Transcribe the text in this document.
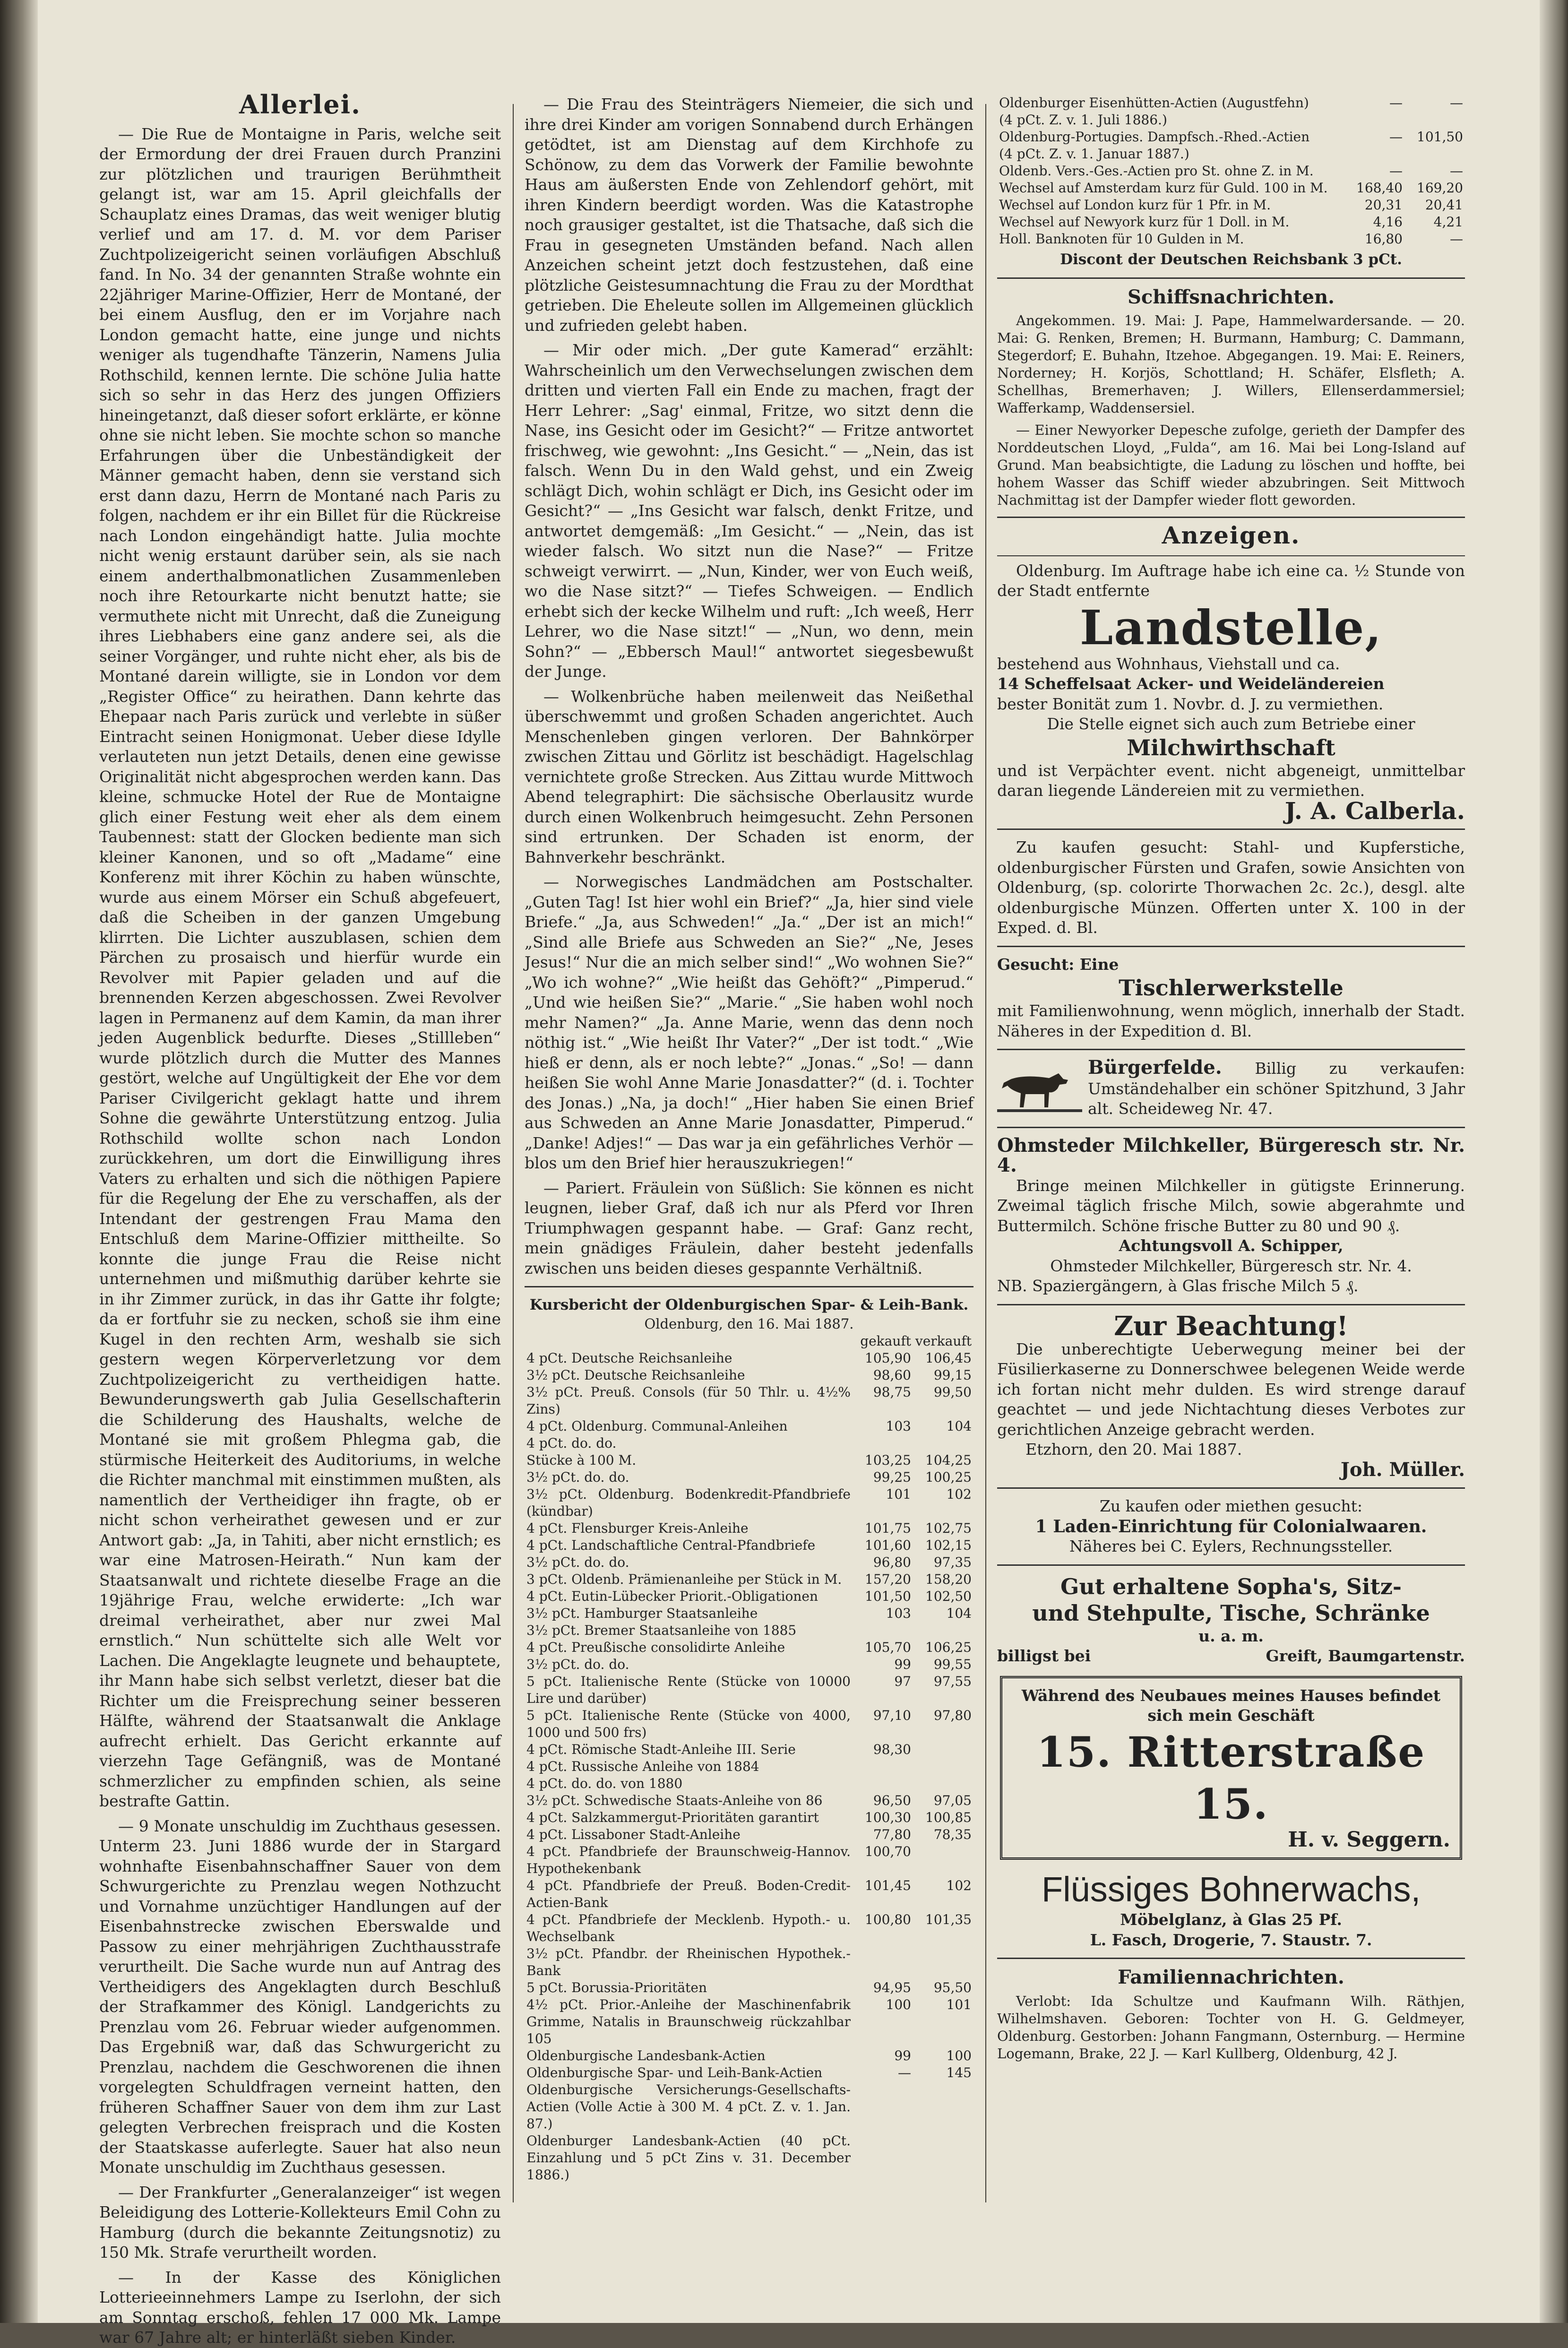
Allerlei.

— Die Rue de Montaigne in Paris, welche seit der Ermordung der drei Frauen durch Pranzini zur plötzlichen und traurigen Berühmtheit gelangt ist, war am 15. April gleichfalls der Schauplatz eines Dramas, das weit weniger blutig verlief und am 17. d. M. vor dem Pariser Zuchtpolizeigericht seinen vorläufigen Abschluß fand. In No. 34 der genannten Straße wohnte ein 22jähriger Marine-Offizier, Herr de Montané, der bei einem Ausflug, den er im Vorjahre nach London gemacht hatte, eine junge und nichts weniger als tugendhafte Tänzerin, Namens Julia Rothschild, kennen lernte. Die schöne Julia hatte sich so sehr in das Herz des jungen Offiziers hineingetanzt, daß dieser sofort erklärte, er könne ohne sie nicht leben. Sie mochte schon so manche Erfahrungen über die Unbeständigkeit der Männer gemacht haben, denn sie verstand sich erst dann dazu, Herrn de Montané nach Paris zu folgen, nachdem er ihr ein Billet für die Rückreise nach London eingehändigt hatte. Julia mochte nicht wenig erstaunt darüber sein, als sie nach einem anderthalbmonatlichen Zusammenleben noch ihre Retourkarte nicht benutzt hatte; sie vermuthete nicht mit Unrecht, daß die Zuneigung ihres Liebhabers eine ganz andere sei, als die seiner Vorgänger, und ruhte nicht eher, als bis de Montané darein willigte, sie in London vor dem „Register Office“ zu heirathen. Dann kehrte das Ehepaar nach Paris zurück und verlebte in süßer Eintracht seinen Honigmonat. Ueber diese Idylle verlauteten nun jetzt Details, denen eine gewisse Originalität nicht abgesprochen werden kann. Das kleine, schmucke Hotel der Rue de Montaigne glich einer Festung weit eher als dem einem Taubennest: statt der Glocken bediente man sich kleiner Kanonen, und so oft „Madame“ eine Konferenz mit ihrer Köchin zu haben wünschte, wurde aus einem Mörser ein Schuß abgefeuert, daß die Scheiben in der ganzen Umgebung klirrten. Die Lichter auszublasen, schien dem Pärchen zu prosaisch und hierfür wurde ein Revolver mit Papier geladen und auf die brennenden Kerzen abgeschossen. Zwei Revolver lagen in Permanenz auf dem Kamin, da man ihrer jeden Augenblick bedurfte. Dieses „Stillleben“ wurde plötzlich durch die Mutter des Mannes gestört, welche auf Ungültigkeit der Ehe vor dem Pariser Civilgericht geklagt hatte und ihrem Sohne die gewährte Unterstützung entzog. Julia Rothschild wollte schon nach London zurückkehren, um dort die Einwilligung ihres Vaters zu erhalten und sich die nöthigen Papiere für die Regelung der Ehe zu verschaffen, als der Intendant der gestrengen Frau Mama den Entschluß dem Marine-Offizier mittheilte. So konnte die junge Frau die Reise nicht unternehmen und mißmuthig darüber kehrte sie in ihr Zimmer zurück, in das ihr Gatte ihr folgte; da er fortfuhr sie zu necken, schoß sie ihm eine Kugel in den rechten Arm, weshalb sie sich gestern wegen Körperverletzung vor dem Zuchtpolizeigericht zu vertheidigen hatte. Bewunderungswerth gab Julia Gesellschafterin die Schilderung des Haushalts, welche de Montané sie mit großem Phlegma gab, die stürmische Heiterkeit des Auditoriums, in welche die Richter manchmal mit einstimmen mußten, als namentlich der Vertheidiger ihn fragte, ob er nicht schon verheirathet gewesen und er zur Antwort gab: „Ja, in Tahiti, aber nicht ernstlich; es war eine Matrosen-Heirath.“ Nun kam der Staatsanwalt und richtete dieselbe Frage an die 19jährige Frau, welche erwiderte: „Ich war dreimal verheirathet, aber nur zwei Mal ernstlich.“ Nun schüttelte sich alle Welt vor Lachen. Die Angeklagte leugnete und behauptete, ihr Mann habe sich selbst verletzt, dieser bat die Richter um die Freisprechung seiner besseren Hälfte, während der Staatsanwalt die Anklage aufrecht erhielt. Das Gericht erkannte auf vierzehn Tage Gefängniß, was de Montané schmerzlicher zu empfinden schien, als seine bestrafte Gattin.

— 9 Monate unschuldig im Zuchthaus gesessen. Unterm 23. Juni 1886 wurde der in Stargard wohnhafte Eisenbahnschaffner Sauer von dem Schwurgerichte zu Prenzlau wegen Nothzucht und Vornahme unzüchtiger Handlungen auf der Eisenbahnstrecke zwischen Eberswalde und Passow zu einer mehrjährigen Zuchthausstrafe verurtheilt. Die Sache wurde nun auf Antrag des Vertheidigers des Angeklagten durch Beschluß der Strafkammer des Königl. Landgerichts zu Prenzlau vom 26. Februar wieder aufgenommen. Das Ergebniß war, daß das Schwurgericht zu Prenzlau, nachdem die Geschworenen die ihnen vorgelegten Schuldfragen verneint hatten, den früheren Schaffner Sauer von dem ihm zur Last gelegten Verbrechen freisprach und die Kosten der Staatskasse auferlegte. Sauer hat also neun Monate unschuldig im Zuchthaus gesessen.

— Der Frankfurter „Generalanzeiger“ ist wegen Beleidigung des Lotterie-Kollekteurs Emil Cohn zu Hamburg (durch die bekannte Zeitungsnotiz) zu 150 Mk. Strafe verurtheilt worden.

— In der Kasse des Königlichen Lotterieeinnehmers Lampe zu Iserlohn, der sich am Sonntag erschoß, fehlen 17 000 Mk. Lampe war 67 Jahre alt; er hinterläßt sieben Kinder.

— Die Frau des Steinträgers Niemeier, die sich und ihre drei Kinder am vorigen Sonnabend durch Erhängen getödtet, ist am Dienstag auf dem Kirchhofe zu Schönow, zu dem das Vorwerk der Familie bewohnte Haus am äußersten Ende von Zehlendorf gehört, mit ihren Kindern beerdigt worden. Was die Katastrophe noch grausiger gestaltet, ist die Thatsache, daß sich die Frau in gesegneten Umständen befand. Nach allen Anzeichen scheint jetzt doch festzustehen, daß eine plötzliche Geistesumnachtung die Frau zu der Mordthat getrieben. Die Eheleute sollen im Allgemeinen glücklich und zufrieden gelebt haben.

— Mir oder mich. „Der gute Kamerad“ erzählt: Wahrscheinlich um den Verwechselungen zwischen dem dritten und vierten Fall ein Ende zu machen, fragt der Herr Lehrer: „Sag' einmal, Fritze, wo sitzt denn die Nase, ins Gesicht oder im Gesicht?“ — Fritze antwortet frischweg, wie gewohnt: „Ins Gesicht.“ — „Nein, das ist falsch. Wenn Du in den Wald gehst, und ein Zweig schlägt Dich, wohin schlägt er Dich, ins Gesicht oder im Gesicht?“ — „Ins Gesicht war falsch, denkt Fritze, und antwortet demgemäß: „Im Gesicht.“ — „Nein, das ist wieder falsch. Wo sitzt nun die Nase?“ — Fritze schweigt verwirrt. — „Nun, Kinder, wer von Euch weiß, wo die Nase sitzt?“ — Tiefes Schweigen. — Endlich erhebt sich der kecke Wilhelm und ruft: „Ich weeß, Herr Lehrer, wo die Nase sitzt!“ — „Nun, wo denn, mein Sohn?“ — „Ebbersch Maul!“ antwortet siegesbewußt der Junge.

— Wolkenbrüche haben meilenweit das Neißethal überschwemmt und großen Schaden angerichtet. Auch Menschenleben gingen verloren. Der Bahnkörper zwischen Zittau und Görlitz ist beschädigt. Hagelschlag vernichtete große Strecken. Aus Zittau wurde Mittwoch Abend telegraphirt: Die sächsische Oberlausitz wurde durch einen Wolkenbruch heimgesucht. Zehn Personen sind ertrunken. Der Schaden ist enorm, der Bahnverkehr beschränkt.

— Norwegisches Landmädchen am Postschalter. „Guten Tag! Ist hier wohl ein Brief?“ „Ja, hier sind viele Briefe.“ „Ja, aus Schweden!“ „Ja.“ „Der ist an mich!“ „Sind alle Briefe aus Schweden an Sie?“ „Ne, Jeses Jesus!“ Nur die an mich selber sind!“ „Wo wohnen Sie?“ „Wo ich wohne?“ „Wie heißt das Gehöft?“ „Pimperud.“ „Und wie heißen Sie?“ „Marie.“ „Sie haben wohl noch mehr Namen?“ „Ja. Anne Marie, wenn das denn noch nöthig ist.“ „Wie heißt Ihr Vater?“ „Der ist todt.“ „Wie hieß er denn, als er noch lebte?“ „Jonas.“ „So! — dann heißen Sie wohl Anne Marie Jonasdatter?“ (d. i. Tochter des Jonas.) „Na, ja doch!“ „Hier haben Sie einen Brief aus Schweden an Anne Marie Jonasdatter, Pimperud.“ „Danke! Adjes!“ — Das war ja ein gefährliches Verhör — blos um den Brief hier herauszukriegen!“

— Pariert. Fräulein von Süßlich: Sie können es nicht leugnen, lieber Graf, daß ich nur als Pferd vor Ihren Triumphwagen gespannt habe. — Graf: Ganz recht, mein gnädiges Fräulein, daher besteht jedenfalls zwischen uns beiden dieses gespannte Verhältniß.

Kursbericht der Oldenburgischen Spar- & Leih-Bank.
Oldenburg, den 16. Mai 1887.
	gekauft	verkauft
4 pCt. Deutsche Reichsanleihe	105,90	106,45
3½ pCt. Deutsche Reichsanleihe	98,60	99,15
3½ pCt. Preuß. Consols (für 50 Thlr. u. 4½% Zins)	98,75	99,50
4 pCt. Oldenburg. Communal-Anleihen	103	104
4 pCt. do. do.		
Stücke à 100 M.	103,25	104,25
3½ pCt. do. do.	99,25	100,25
3½ pCt. Oldenburg. Bodenkredit-Pfandbriefe (kündbar)	101	102
4 pCt. Flensburger Kreis-Anleihe	101,75	102,75
4 pCt. Landschaftliche Central-Pfandbriefe	101,60	102,15
3½ pCt. do. do.	96,80	97,35
3 pCt. Oldenb. Prämienanleihe per Stück in M.	157,20	158,20
4 pCt. Eutin-Lübecker Priorit.-Obligationen	101,50	102,50
3½ pCt. Hamburger Staatsanleihe	103	104
3½ pCt. Bremer Staatsanleihe von 1885		
4 pCt. Preußische consolidirte Anleihe	105,70	106,25
3½ pCt. do. do.	99	99,55
5 pCt. Italienische Rente (Stücke von 10000 Lire und darüber)	97	97,55
5 pCt. Italienische Rente (Stücke von 4000, 1000 und 500 frs)	97,10	97,80
4 pCt. Römische Stadt-Anleihe III. Serie	98,30	
4 pCt. Russische Anleihe von 1884		
4 pCt. do. do. von 1880		
3½ pCt. Schwedische Staats-Anleihe von 86	96,50	97,05
4 pCt. Salzkammergut-Prioritäten garantirt	100,30	100,85
4 pCt. Lissaboner Stadt-Anleihe	77,80	78,35
4 pCt. Pfandbriefe der Braunschweig-Hannov. Hypothekenbank	100,70	
4 pCt. Pfandbriefe der Preuß. Boden-Credit-Actien-Bank	101,45	102
4 pCt. Pfandbriefe der Mecklenb. Hypoth.- u. Wechselbank	100,80	101,35
3½ pCt. Pfandbr. der Rheinischen Hypothek.-Bank		
5 pCt. Borussia-Prioritäten	94,95	95,50
4½ pCt. Prior.-Anleihe der Maschinenfabrik Grimme, Natalis in Braunschweig rückzahlbar 105	100	101
Oldenburgische Landesbank-Actien	99	100
Oldenburgische Spar- und Leih-Bank-Actien	—	145
Oldenburgische Versicherungs-Gesellschafts-Actien (Volle Actie à 300 M. 4 pCt. Z. v. 1. Jan. 87.)		
Oldenburger Landesbank-Actien (40 pCt. Einzahlung und 5 pCt Zins v. 31. December 1886.)		
Oldenburger Eisenhütten-Actien (Augustfehn)	—	—
(4 pCt. Z. v. 1. Juli 1886.)		
Oldenburg-Portugies. Dampfsch.-Rhed.-Actien	—	101,50
(4 pCt. Z. v. 1. Januar 1887.)		
Oldenb. Vers.-Ges.-Actien pro St. ohne Z. in M.	—	—
Wechsel auf Amsterdam kurz für Guld. 100 in M.	168,40	169,20
Wechsel auf London kurz für 1 Pfr. in M.	20,31	20,41
Wechsel auf Newyork kurz für 1 Doll. in M.	4,16	4,21
Holl. Banknoten für 10 Gulden in M.	16,80	—
Discont der Deutschen Reichsbank 3 pCt.
Schiffsnachrichten.

Angekommen. 19. Mai: J. Pape, Hammelwardersande. — 20. Mai: G. Renken, Bremen; H. Burmann, Hamburg; C. Dammann, Stegerdorf; E. Buhahn, Itzehoe. Abgegangen. 19. Mai: E. Reiners, Norderney; H. Korjös, Schottland; H. Schäfer, Elsfleth; A. Schellhas, Bremerhaven; J. Willers, Ellenserdammersiel; Wafferkamp, Waddensersiel.

— Einer Newyorker Depesche zufolge, gerieth der Dampfer des Norddeutschen Lloyd, „Fulda“, am 16. Mai bei Long-Island auf Grund. Man beabsichtigte, die Ladung zu löschen und hoffte, bei hohem Wasser das Schiff wieder abzubringen. Seit Mittwoch Nachmittag ist der Dampfer wieder flott geworden.

Anzeigen.

Oldenburg. Im Auftrage habe ich eine ca. ½ Stunde von der Stadt entfernte

Landstelle,
bestehend aus Wohnhaus, Viehstall und ca.
14 Scheffelsaat Acker- und Weideländereien
bester Bonität zum 1. Novbr. d. J. zu vermiethen.
Die Stelle eignet sich auch zum Betriebe einer
Milchwirthschaft
und ist Verpächter event. nicht abgeneigt, unmittelbar daran liegende Ländereien mit zu vermiethen.
J. A. Calberla.

Zu kaufen gesucht: Stahl- und Kupferstiche, oldenburgischer Fürsten und Grafen, sowie Ansichten von Oldenburg, (sp. colorirte Thorwachen 2c. 2c.), desgl. alte oldenburgische Münzen. Offerten unter X. 100 in der Exped. d. Bl.

Gesucht: Eine
Tischlerwerkstelle
mit Familienwohnung, wenn möglich, innerhalb der Stadt. Näheres in der Expedition d. Bl.
Bürgerfelde. Billig zu verkaufen: Umständehalber ein schöner Spitzhund, 3 Jahr alt. Scheideweg Nr. 47.
Ohmsteder Milchkeller, Bürgeresch str. Nr. 4.

Bringe meinen Milchkeller in gütigste Erinnerung. Zweimal täglich frische Milch, sowie abgerahmte und Buttermilch. Schöne frische Butter zu 80 und 90 ₰.

Achtungsvoll A. Schipper,
Ohmsteder Milchkeller, Bürgeresch str. Nr. 4.
NB. Spaziergängern, à Glas frische Milch 5 ₰.
Zur Beachtung!

Die unberechtigte Ueberwegung meiner bei der Füsilierkaserne zu Donnerschwee belegenen Weide werde ich fortan nicht mehr dulden. Es wird strenge darauf geachtet — und jede Nichtachtung dieses Verbotes zur gerichtlichen Anzeige gebracht werden.

Etzhorn, den 20. Mai 1887.
Joh. Müller.
Zu kaufen oder miethen gesucht:
1 Laden-Einrichtung für Colonialwaaren.
Näheres bei C. Eylers, Rechnungssteller.
Gut erhaltene Sopha's, Sitz-
und Stehpulte, Tische, Schränke
u. a. m.
billigst bei	Greift, Baumgartenstr.
Während des Neubaues meines Hauses befindet sich mein Geschäft
15. Ritterstraße 15.
H. v. Seggern.
Flüssiges Bohnerwachs,
Möbelglanz, à Glas 25 Pf.
L. Fasch, Drogerie, 7. Staustr. 7.
Familiennachrichten.

Verlobt: Ida Schultze und Kaufmann Wilh. Räthjen, Wilhelmshaven. Geboren: Tochter von H. G. Geldmeyer, Oldenburg. Gestorben: Johann Fangmann, Osternburg. — Hermine Logemann, Brake, 22 J. — Karl Kullberg, Oldenburg, 42 J.
